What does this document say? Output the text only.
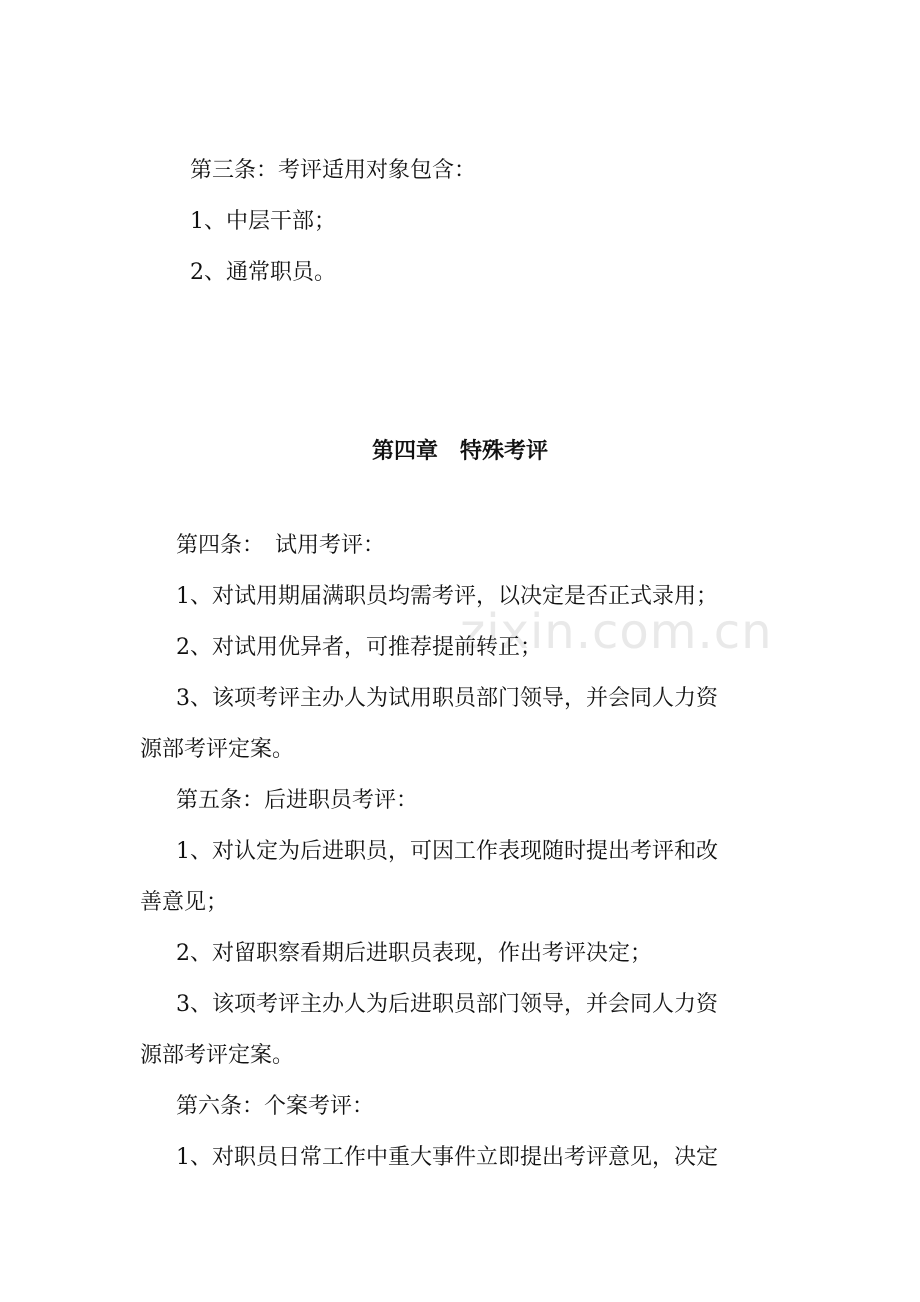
zixin.com.cn
第三条：考评适用对象包含：
1、中层干部；
2、通常职员。
第四章　特殊考评
第四条：　试用考评：
1、对试用期届满职员均需考评，以决定是否正式录用；
2、对试用优异者，可推荐提前转正；
3、该项考评主办人为试用职员部门领导，并会同人力资
源部考评定案。
第五条：后进职员考评：
1、对认定为后进职员，可因工作表现随时提出考评和改
善意见；
2、对留职察看期后进职员表现，作出考评决定；
3、该项考评主办人为后进职员部门领导，并会同人力资
源部考评定案。
第六条：个案考评：
1、对职员日常工作中重大事件立即提出考评意见，决定
